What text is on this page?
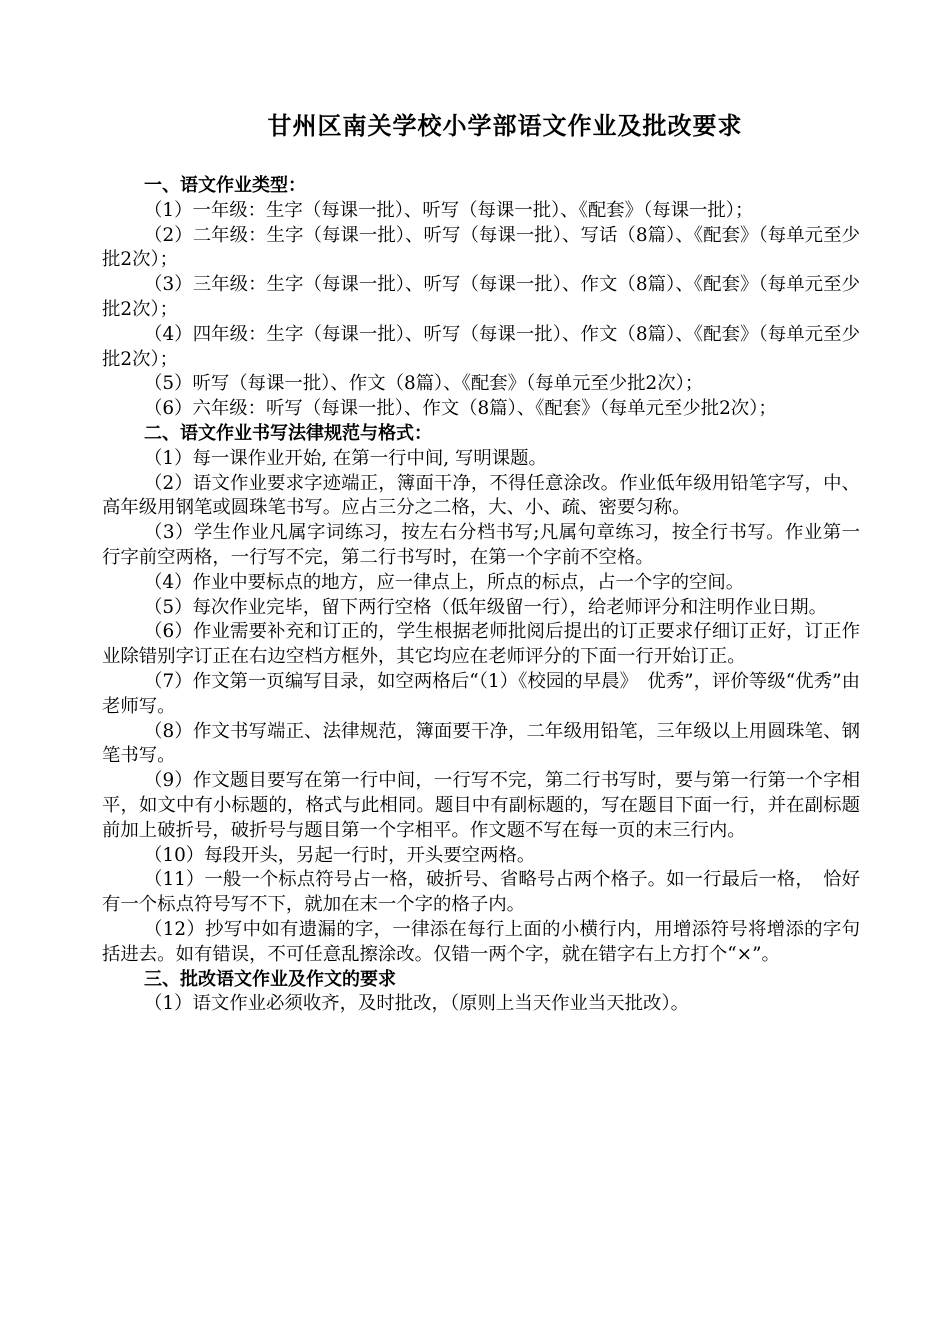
甘州区南关学校小学部语文作业及批改要求
一、语文作业类型：
（1）一年级：生字（每课一批）、听写（每课一批）、《配套》（每课一批）；
（2）二年级：生字（每课一批）、听写（每课一批）、写话（8篇）、《配套》（每单元至少批2次）；
（3）三年级：生字（每课一批）、听写（每课一批）、作文（8篇）、《配套》（每单元至少批2次）；
（4）四年级：生字（每课一批）、听写（每课一批）、作文（8篇）、《配套》（每单元至少批2次）；
（5）听写（每课一批）、作文（8篇）、《配套》（每单元至少批2次）；
（6）六年级：听写（每课一批）、作文（8篇）、《配套》（每单元至少批2次）；
二、语文作业书写法律规范与格式：
（1）每一课作业开始, 在第一行中间, 写明课题。
（2）语文作业要求字迹端正，簿面干净，不得任意涂改。作业低年级用铅笔字写，中、高年级用钢笔或圆珠笔书写。应占三分之二格，大、小、疏、密要匀称。
（3）学生作业凡属字词练习，按左右分档书写;凡属句章练习，按全行书写。作业第一行字前空两格，一行写不完，第二行书写时，在第一个字前不空格。
（4）作业中要标点的地方，应一律点上，所点的标点，占一个字的空间。
（5）每次作业完毕，留下两行空格（低年级留一行），给老师评分和注明作业日期。
（6）作业需要补充和订正的，学生根据老师批阅后提出的订正要求仔细订正好，订正作业除错别字订正在右边空档方框外，其它均应在老师评分的下面一行开始订正。
（7）作文第一页编写目录，如空两格后“（1）《校园的早晨》　优秀”，评价等级“优秀”由老师写。
（8）作文书写端正、法律规范，簿面要干净，二年级用铅笔，三年级以上用圆珠笔、钢笔书写。
（9）作文题目要写在第一行中间，一行写不完，第二行书写时，要与第一行第一个字相平，如文中有小标题的，格式与此相同。题目中有副标题的，写在题目下面一行，并在副标题前加上破折号，破折号与题目第一个字相平。作文题不写在每一页的末三行内。
（10）每段开头，另起一行时，开头要空两格。
（11）一般一个标点符号占一格，破折号、省略号占两个格子。如一行最后一格，　恰好有一个标点符号写不下，就加在末一个字的格子内。
（12）抄写中如有遗漏的字，一律添在每行上面的小横行内，用增添符号将增添的字句括进去。如有错误，不可任意乱擦涂改。仅错一两个字，就在错字右上方打个“×”。
三、批改语文作业及作文的要求
（1）语文作业必须收齐，及时批改，（原则上当天作业当天批改）。
